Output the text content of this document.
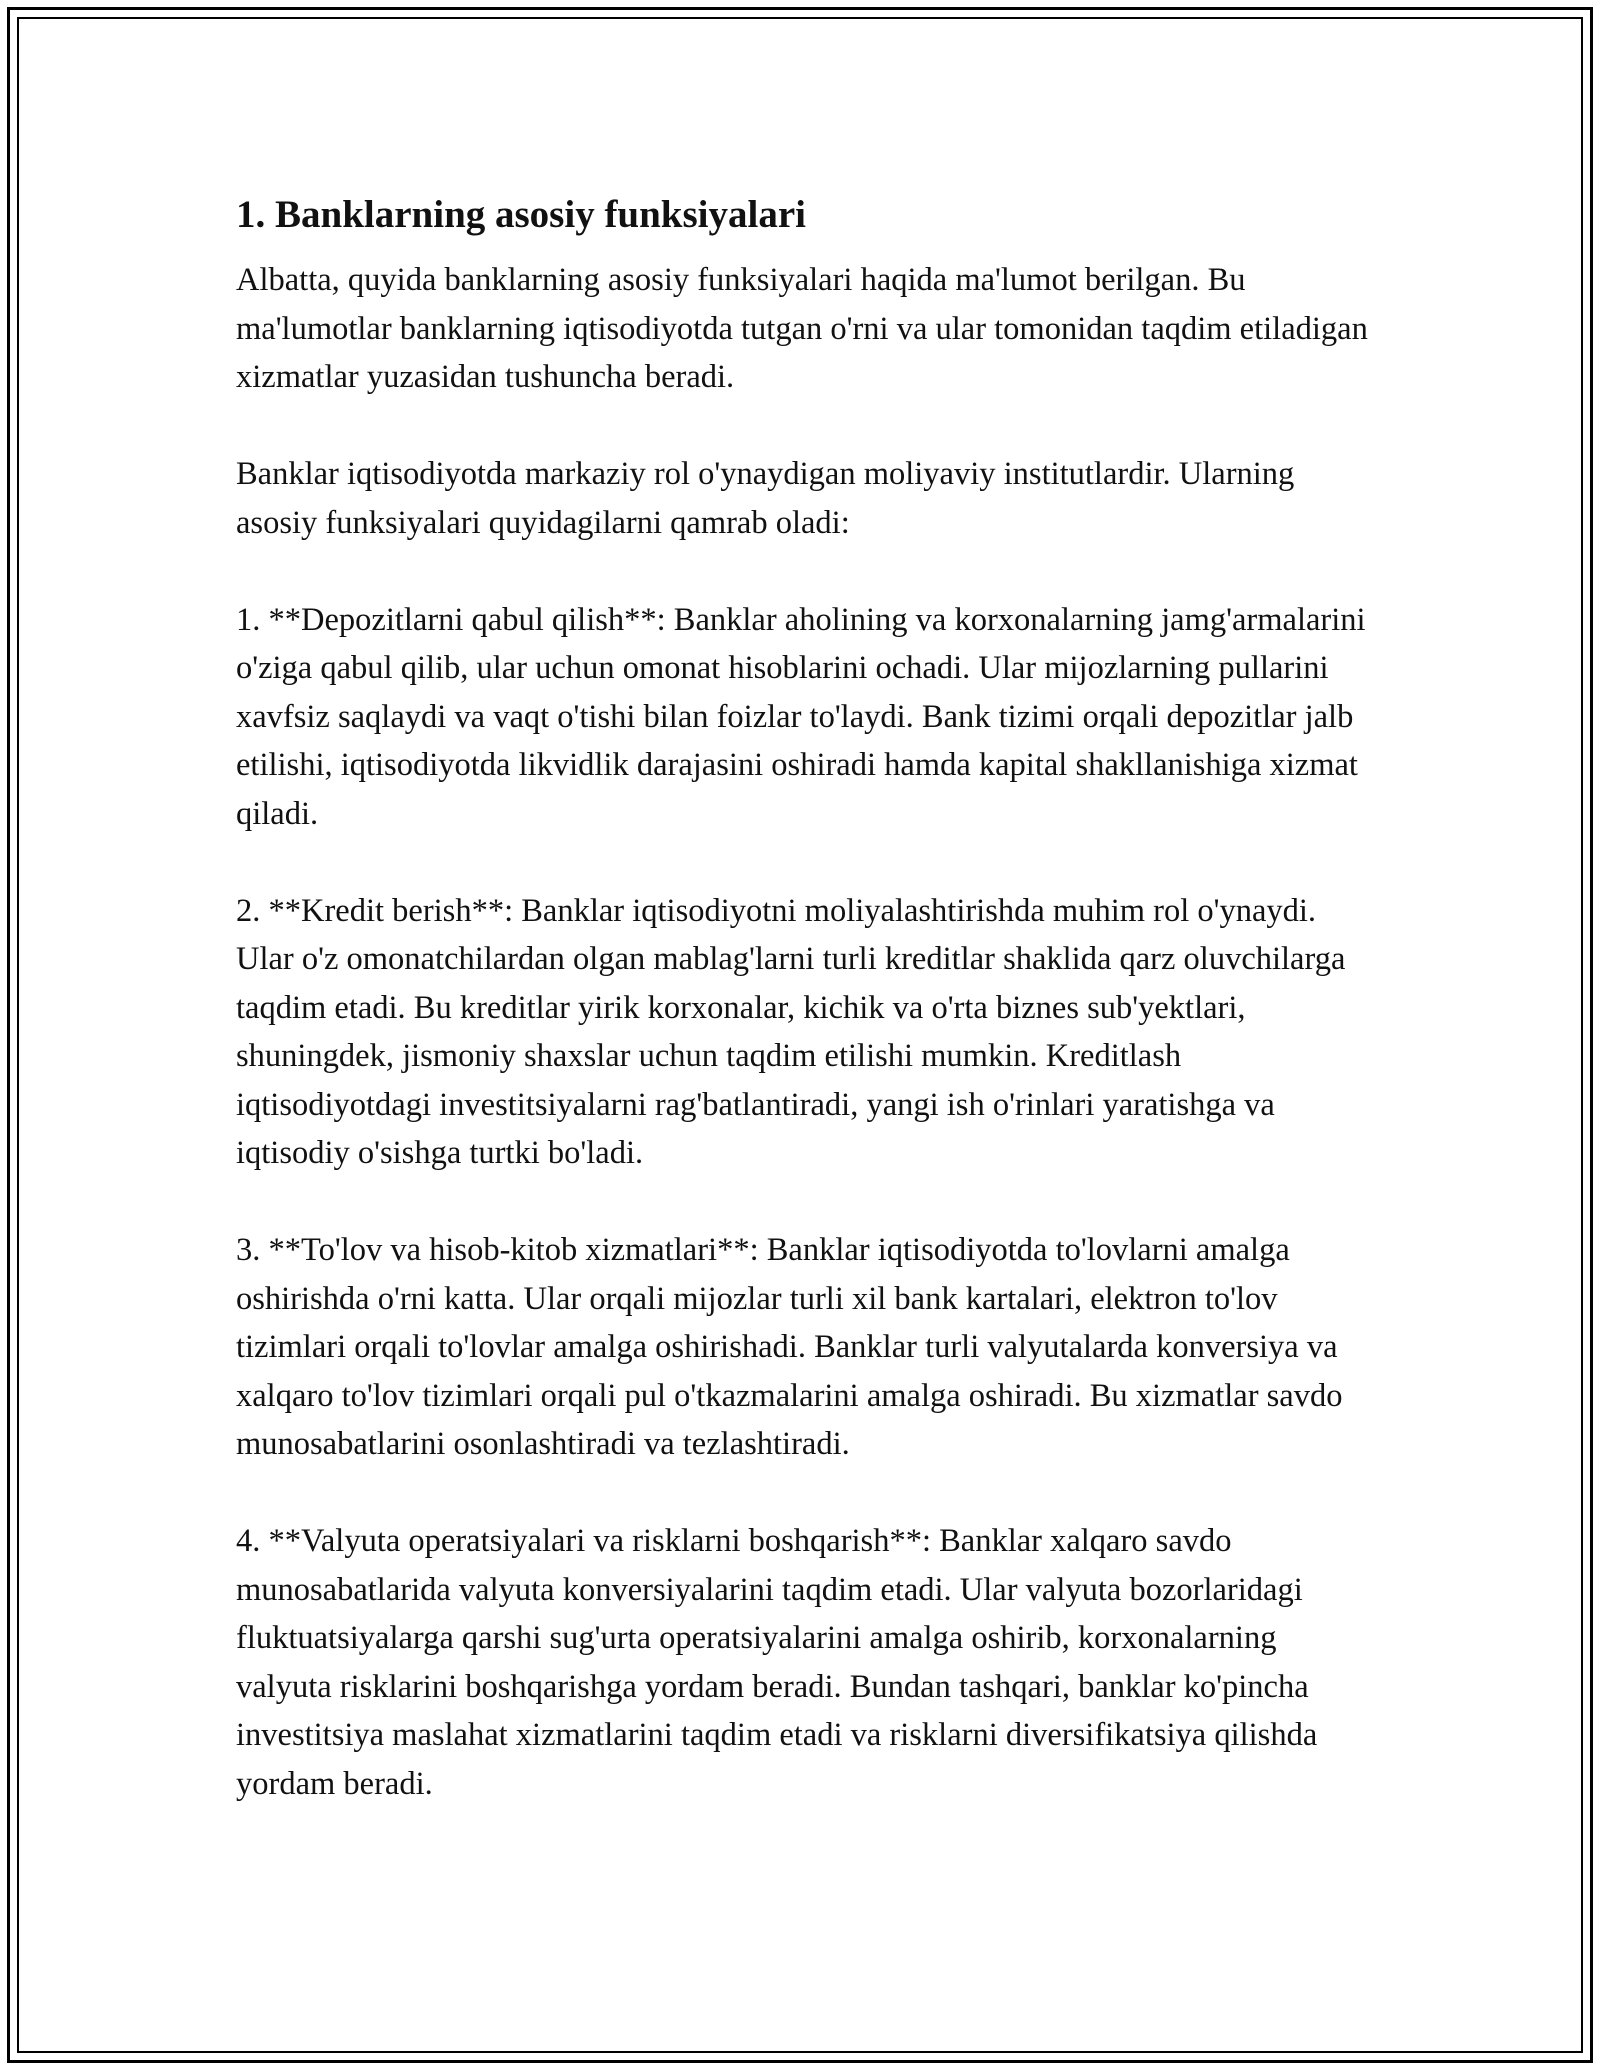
1. Banklarning asosiy funksiyalari

Albatta, quyida banklarning asosiy funksiyalari haqida ma'lumot berilgan. Bu ma'lumotlar banklarning iqtisodiyotda tutgan o'rni va ular tomonidan taqdim etiladigan xizmatlar yuzasidan tushuncha beradi.

Banklar iqtisodiyotda markaziy rol o'ynaydigan moliyaviy institutlardir. Ularning asosiy funksiyalari quyidagilarni qamrab oladi:

1. **Depozitlarni qabul qilish**: Banklar aholining va korxonalarning jamg'armalarini o'ziga qabul qilib, ular uchun omonat hisoblarini ochadi. Ular mijozlarning pullarini xavfsiz saqlaydi va vaqt o'tishi bilan foizlar to'laydi. Bank tizimi orqali depozitlar jalb etilishi, iqtisodiyotda likvidlik darajasini oshiradi hamda kapital shakllanishiga xizmat qiladi.

2. **Kredit berish**: Banklar iqtisodiyotni moliyalashtirishda muhim rol o'ynaydi. Ular o'z omonatchilardan olgan mablag'larni turli kreditlar shaklida qarz oluvchilarga taqdim etadi. Bu kreditlar yirik korxonalar, kichik va o'rta biznes sub'yektlari, shuningdek, jismoniy shaxslar uchun taqdim etilishi mumkin. Kreditlash iqtisodiyotdagi investitsiyalarni rag'batlantiradi, yangi ish o'rinlari yaratishga va iqtisodiy o'sishga turtki bo'ladi.

3. **To'lov va hisob-kitob xizmatlari**: Banklar iqtisodiyotda to'lovlarni amalga oshirishda o'rni katta. Ular orqali mijozlar turli xil bank kartalari, elektron to'lov tizimlari orqali to'lovlar amalga oshirishadi. Banklar turli valyutalarda konversiya va xalqaro to'lov tizimlari orqali pul o'tkazmalarini amalga oshiradi. Bu xizmatlar savdo munosabatlarini osonlashtiradi va tezlashtiradi.

4. **Valyuta operatsiyalari va risklarni boshqarish**: Banklar xalqaro savdo munosabatlarida valyuta konversiyalarini taqdim etadi. Ular valyuta bozorlaridagi fluktuatsiyalarga qarshi sug'urta operatsiyalarini amalga oshirib, korxonalarning valyuta risklarini boshqarishga yordam beradi. Bundan tashqari, banklar ko'pincha investitsiya maslahat xizmatlarini taqdim etadi va risklarni diversifikatsiya qilishda yordam beradi.
